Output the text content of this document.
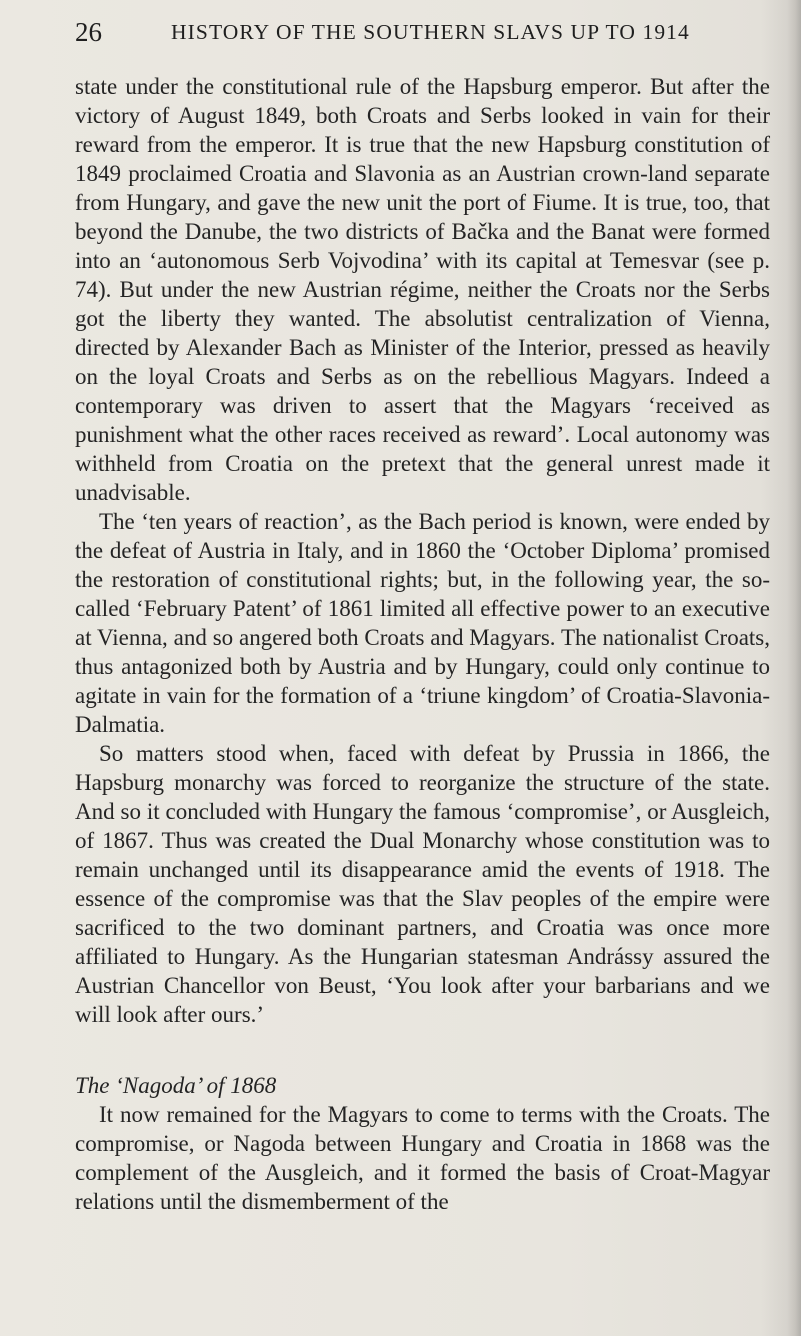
26	HISTORY OF THE SOUTHERN SLAVS UP TO 1914

state under the constitutional rule of the Hapsburg emperor. But after the victory of August 1849, both Croats and Serbs looked in vain for their reward from the emperor. It is true that the new Hapsburg constitution of 1849 proclaimed Croatia and Slavonia as an Austrian crown-land separate from Hungary, and gave the new unit the port of Fiume. It is true, too, that beyond the Danube, the two districts of Bačka and the Banat were formed into an ‘autonomous Serb Vojvodina’ with its capital at Temesvar (see p. 74). But under the new Austrian régime, neither the Croats nor the Serbs got the liberty they wanted. The absolutist centralization of Vienna, directed by Alexander Bach as Minister of the Interior, pressed as heavily on the loyal Croats and Serbs as on the rebellious Magyars. Indeed a contemporary was driven to assert that the Magyars ‘received as punishment what the other races received as reward’. Local autonomy was withheld from Croatia on the pretext that the general unrest made it unadvisable.

The ‘ten years of reaction’, as the Bach period is known, were ended by the defeat of Austria in Italy, and in 1860 the ‘October Diploma’ promised the restoration of constitutional rights; but, in the following year, the so-called ‘February Patent’ of 1861 limited all effective power to an executive at Vienna, and so angered both Croats and Magyars. The nationalist Croats, thus antagonized both by Austria and by Hungary, could only continue to agitate in vain for the formation of a ‘triune kingdom’ of Croatia-Slavonia-Dalmatia.

So matters stood when, faced with defeat by Prussia in 1866, the Hapsburg monarchy was forced to reorganize the structure of the state. And so it concluded with Hungary the famous ‘compromise’, or Ausgleich, of 1867. Thus was created the Dual Monarchy whose constitution was to remain unchanged until its disappearance amid the events of 1918. The essence of the compromise was that the Slav peoples of the empire were sacrificed to the two dominant partners, and Croatia was once more affiliated to Hungary. As the Hungarian statesman Andrássy assured the Austrian Chancellor von Beust, ‘You look after your barbarians and we will look after ours.’

The ‘Nagoda’ of 1868

It now remained for the Magyars to come to terms with the Croats. The compromise, or Nagoda between Hungary and Croatia in 1868 was the complement of the Ausgleich, and it formed the basis of Croat-Magyar relations until the dismemberment of the
